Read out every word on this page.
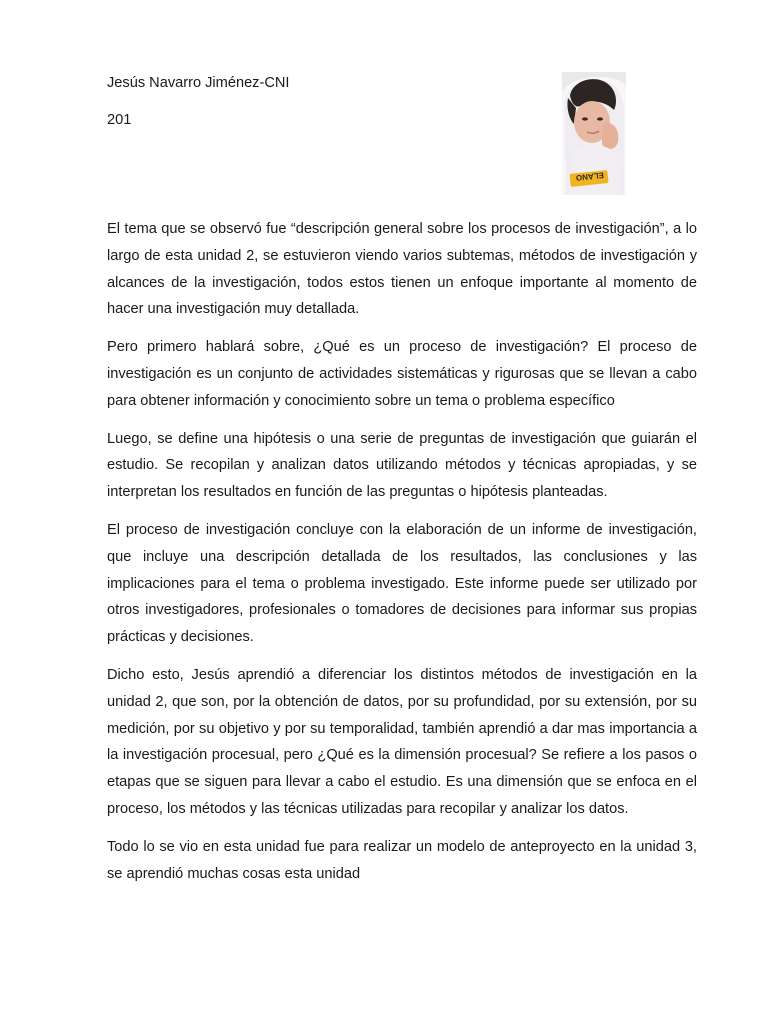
Jesús Navarro Jiménez-CNI

201

ELANO

El tema que se observó fue “descripción general sobre los procesos de investigación”, a lo largo de esta unidad 2, se estuvieron viendo varios subtemas, métodos de investigación y alcances de la investigación, todos estos tienen un enfoque importante al momento de hacer una investigación muy detallada.

Pero primero hablará sobre, ¿Qué es un proceso de investigación? El proceso de investigación es un conjunto de actividades sistemáticas y rigurosas que se llevan a cabo para obtener información y conocimiento sobre un tema o problema específico

Luego, se define una hipótesis o una serie de preguntas de investigación que guiarán el estudio. Se recopilan y analizan datos utilizando métodos y técnicas apropiadas, y se interpretan los resultados en función de las preguntas o hipótesis planteadas.

El proceso de investigación concluye con la elaboración de un informe de investigación, que incluye una descripción detallada de los resultados, las conclusiones y las implicaciones para el tema o problema investigado. Este informe puede ser utilizado por otros investigadores, profesionales o tomadores de decisiones para informar sus propias prácticas y decisiones.

Dicho esto, Jesús aprendió a diferenciar los distintos métodos de investigación en la unidad 2, que son, por la obtención de datos, por su profundidad, por su extensión, por su medición, por su objetivo y por su temporalidad, también aprendió a dar mas importancia a la investigación procesual, pero ¿Qué es la dimensión procesual? Se refiere a los pasos o etapas que se siguen para llevar a cabo el estudio. Es una dimensión que se enfoca en el proceso, los métodos y las técnicas utilizadas para recopilar y analizar los datos.

Todo lo se vio en esta unidad fue para realizar un modelo de anteproyecto en la unidad 3, se aprendió muchas cosas esta unidad
